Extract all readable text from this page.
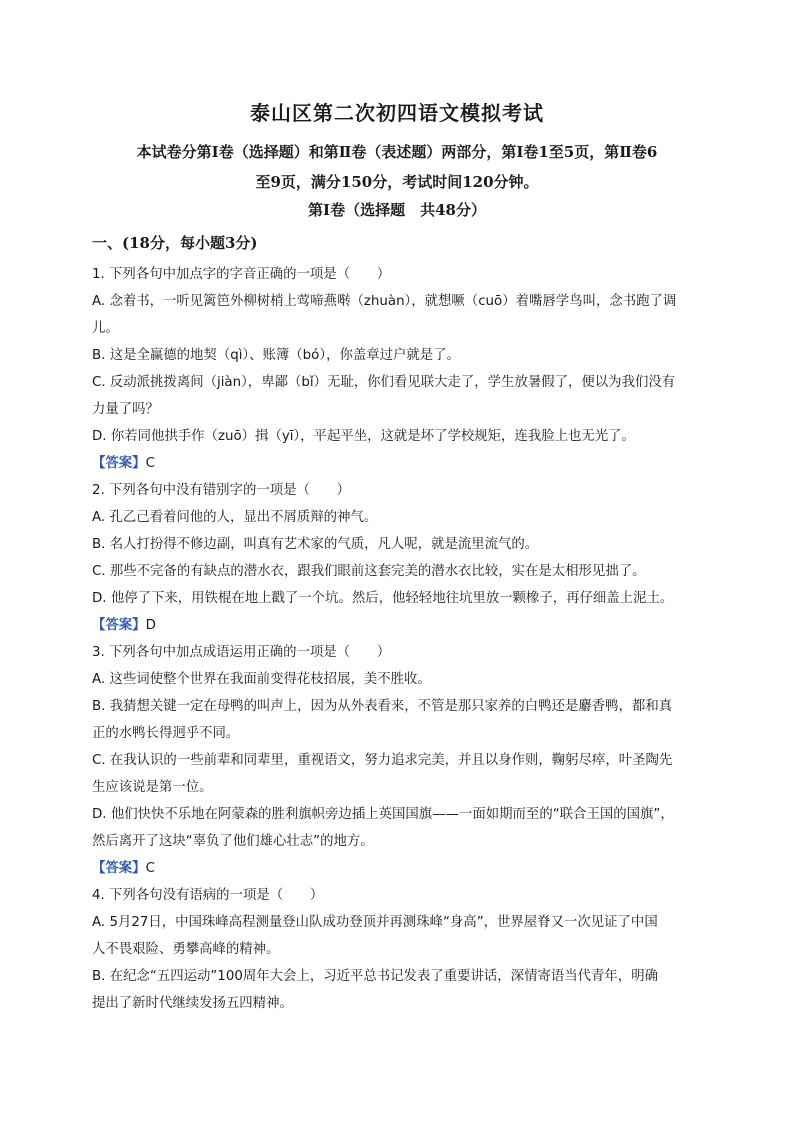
泰山区第二次初四语文模拟考试
本试卷分第Ⅰ卷（选择题）和第Ⅱ卷（表述题）两部分，第Ⅰ卷1至5页，第Ⅱ卷6
至9页，满分150分，考试时间120分钟。
第Ⅰ卷（选择题　共48分）
一、(18分，每小题3分)
1. 下列各句中加点字的字音正确的一项是（　　）
A. 念着书，一听见篱笆外柳树梢上莺啼燕啭（zhuàn），就想噘（cuō）着嘴唇学鸟叫，念书跑了调
儿。
B. 这是全赢德的地契（qì）、账簿（bó），你盖章过户就是了。
C. 反动派挑拨离间（jiàn），卑鄙（bǐ）无耻，你们看见联大走了，学生放暑假了，便以为我们没有
力量了吗？
D. 你若同他拱手作（zuō）揖（yī），平起平坐，这就是坏了学校规矩，连我脸上也无光了。
【答案】C
2. 下列各句中没有错别字的一项是（　　）
A. 孔乙己看着问他的人，显出不屑质辩的神气。
B. 名人打扮得不修边副，叫真有艺术家的气质，凡人呢，就是流里流气的。
C. 那些不完备的有缺点的潜水衣，跟我们眼前这套完美的潜水衣比较，实在是太相形见拙了。
D. 他停了下来，用铁棍在地上戳了一个坑。然后，他轻轻地往坑里放一颗橡子，再仔细盖上泥土。
【答案】D
3. 下列各句中加点成语运用正确的一项是（　　）
A. 这些词使整个世界在我面前变得花枝招展，美不胜收。
B. 我猜想关键一定在母鸭的叫声上，因为从外表看来，不管是那只家养的白鸭还是麝香鸭，都和真
正的水鸭长得迥乎不同。
C. 在我认识的一些前辈和同辈里，重视语文，努力追求完美，并且以身作则，鞠躬尽瘁，叶圣陶先
生应该说是第一位。
D. 他们快快不乐地在阿蒙森的胜利旗帜旁边插上英国国旗——一面如期而至的“联合王国的国旗”，
然后离开了这块“辜负了他们雄心壮志”的地方。
【答案】C
4. 下列各句没有语病的一项是（　　）
A. 5月27日，中国珠峰高程测量登山队成功登顶并再测珠峰“身高”，世界屋脊又一次见证了中国
人不畏艰险、勇攀高峰的精神。
B. 在纪念“五四运动”100周年大会上，习近平总书记发表了重要讲话，深情寄语当代青年，明确
提出了新时代继续发扬五四精神。
